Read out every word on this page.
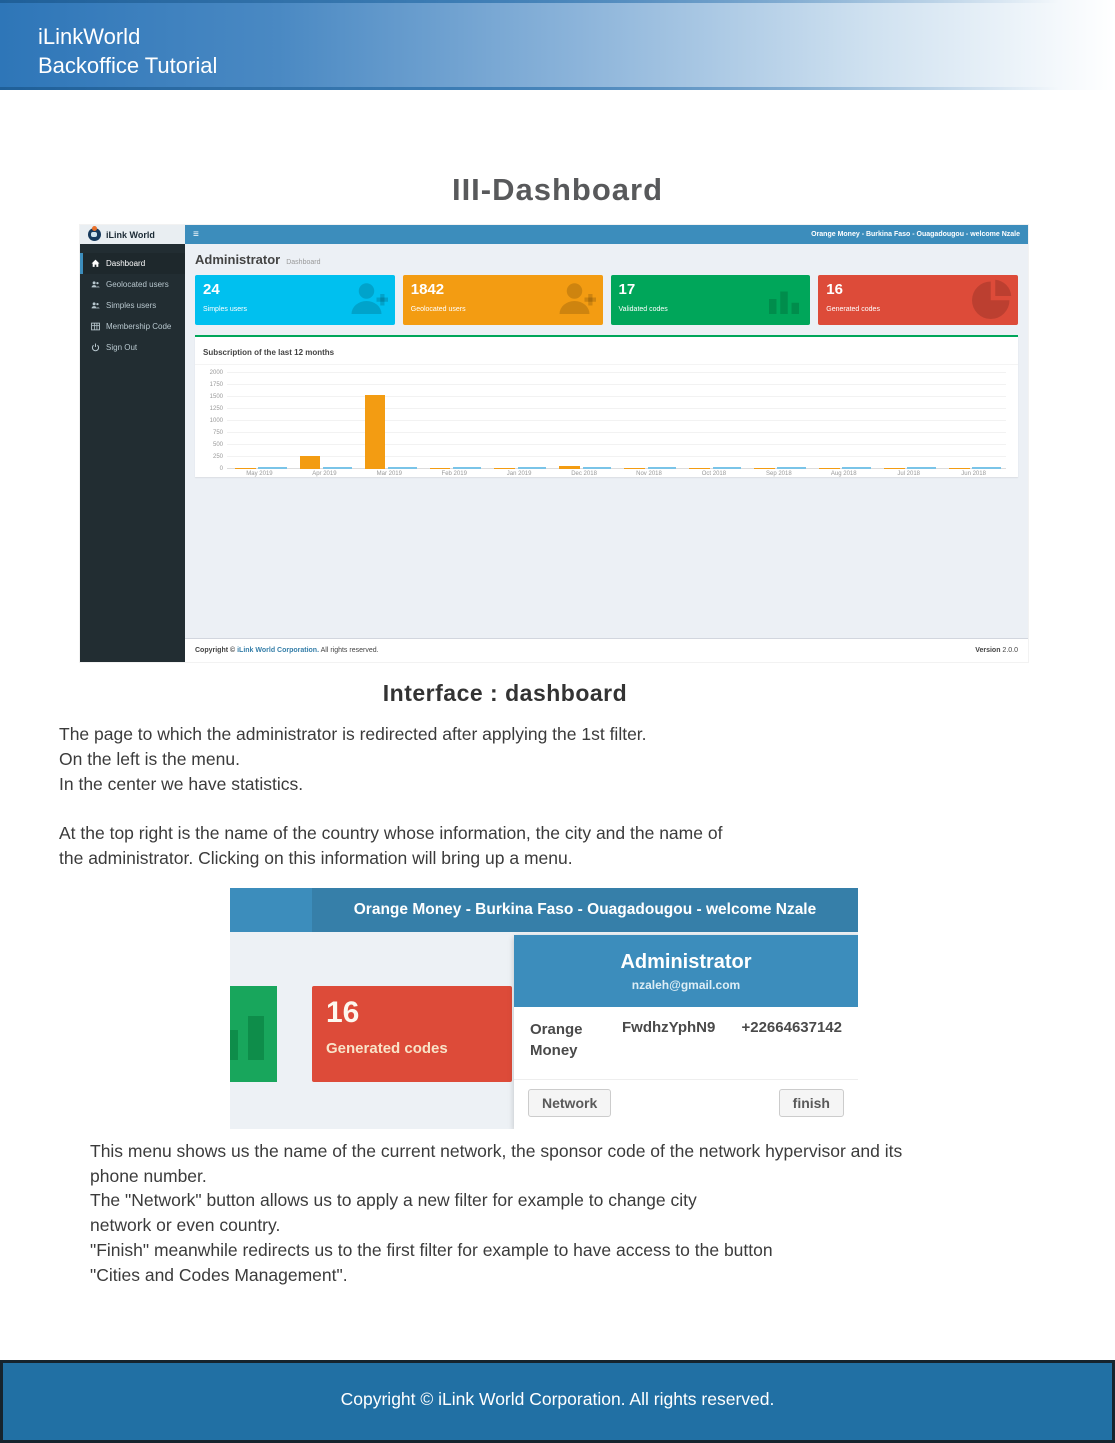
iLinkWorld
Backoffice Tutorial
III-Dashboard
iLink World	≡	Orange Money - Burkina Faso - Ouagadougou - welcome Nzale
Dashboard
Geolocated users
Simples users
Membership Code
Sign Out
Administrator Dashboard
24
Simples users
1842
Geolocated users
17
Validated codes
16
Generated codes
Subscription of the last 12 months
0
250
500
750
1000
1250
1500
1750
2000
May 2019	Apr 2019	Mar 2019	Feb 2019	Jan 2019	Dec 2018	Nov 2018	Oct 2018	Sep 2018	Aug 2018	Jul 2018	Jun 2018
Copyright © iLink World Corporation. All rights reserved.	Version 2.0.0
Interface : dashboard
The page to which the administrator is redirected after applying the 1st filter.
On the left is the menu.
In the center we have statistics.
At the top right is the name of the country whose information, the city and the name of
the administrator. Clicking on this information will bring up a menu.
Orange Money - Burkina Faso - Ouagadougou - welcome Nzale
16
Generated codes
Administrator
nzaleh@gmail.com
Orange Money
FwdhzYphN9	+22664637142
Network	finish
This menu shows us the name of the current network, the sponsor code of the network hypervisor and its
phone number.
The "Network" button allows us to apply a new filter for example to change city
network or even country.
"Finish" meanwhile redirects us to the first filter for example to have access to the button
"Cities and Codes Management".
Copyright © iLink World Corporation. All rights reserved.
